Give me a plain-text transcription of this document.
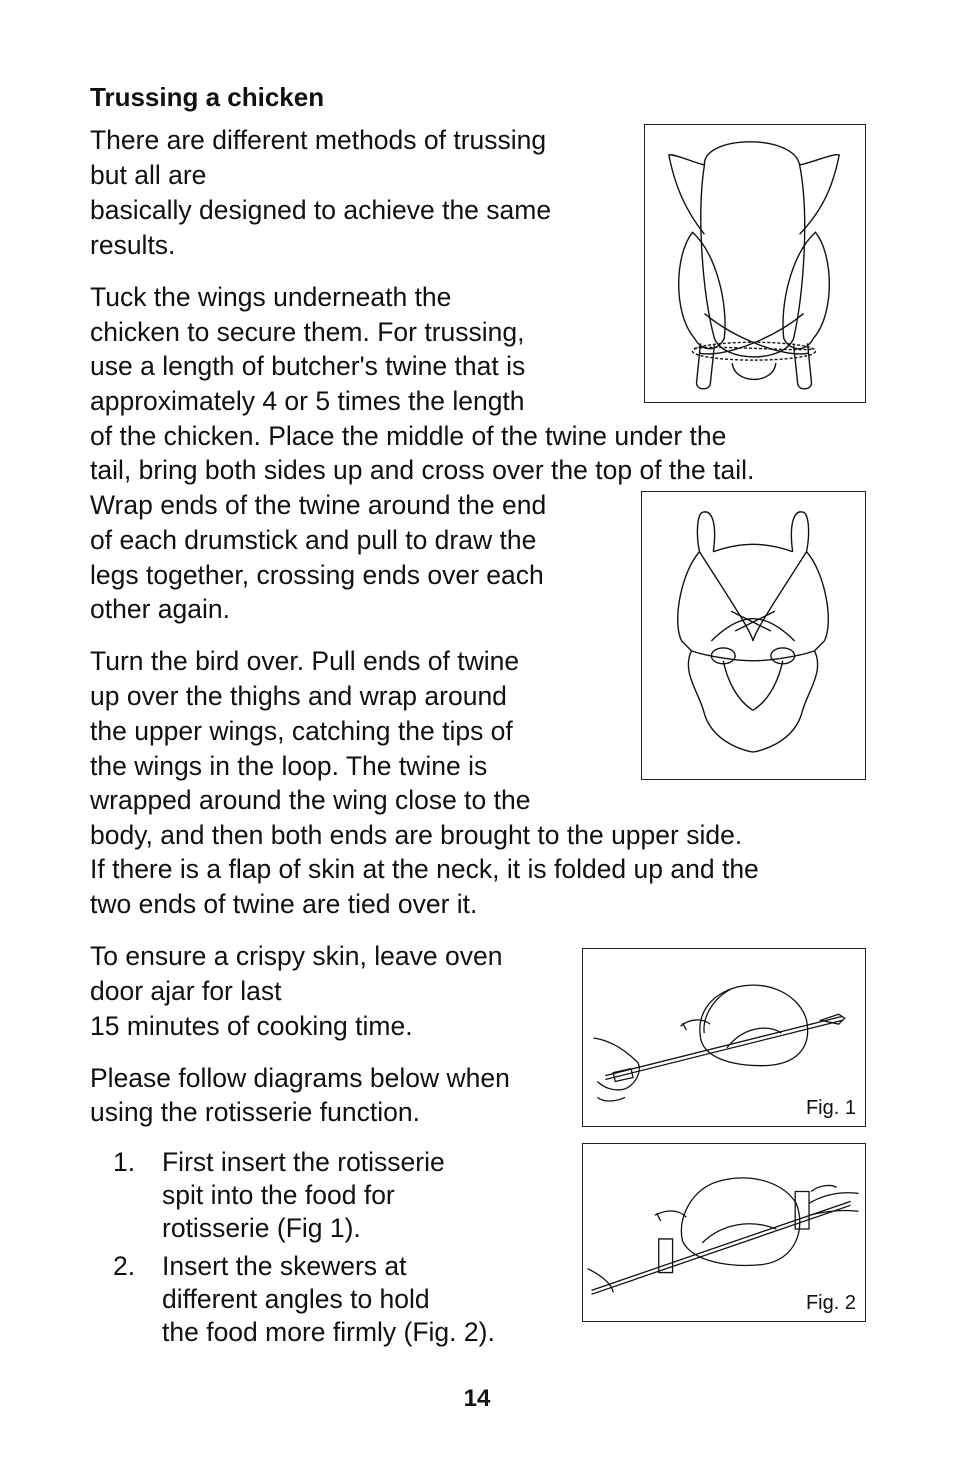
Trussing a chicken
There are different methods of trussing
but all are
basically designed to achieve the same
results.
Tuck the wings underneath the
chicken to secure them. For trussing,
use a length of butcher's twine that is
approximately 4 or 5 times the length
of the chicken. Place the middle of the twine under the
tail, bring both sides up and cross over the top of the tail.
Wrap ends of the twine around the end
of each drumstick and pull to draw the
legs together, crossing ends over each
other again.
Turn the bird over. Pull ends of twine
up over the thighs and wrap around
the upper wings, catching the tips of
the wings in the loop. The twine is
wrapped around the wing close to the
body, and then both ends are brought to the upper side.
If there is a flap of skin at the neck, it is folded up and the
two ends of twine are tied over it.
To ensure a crispy skin, leave oven
door ajar for last
15 minutes of cooking time.
Please follow diagrams below when
using the rotisserie function.
1. First insert the rotisserie
spit into the food for
rotisserie (Fig 1).
2. Insert the skewers at
different angles to hold
the food more firmly (Fig. 2).
Fig. 1
Fig. 2
14
